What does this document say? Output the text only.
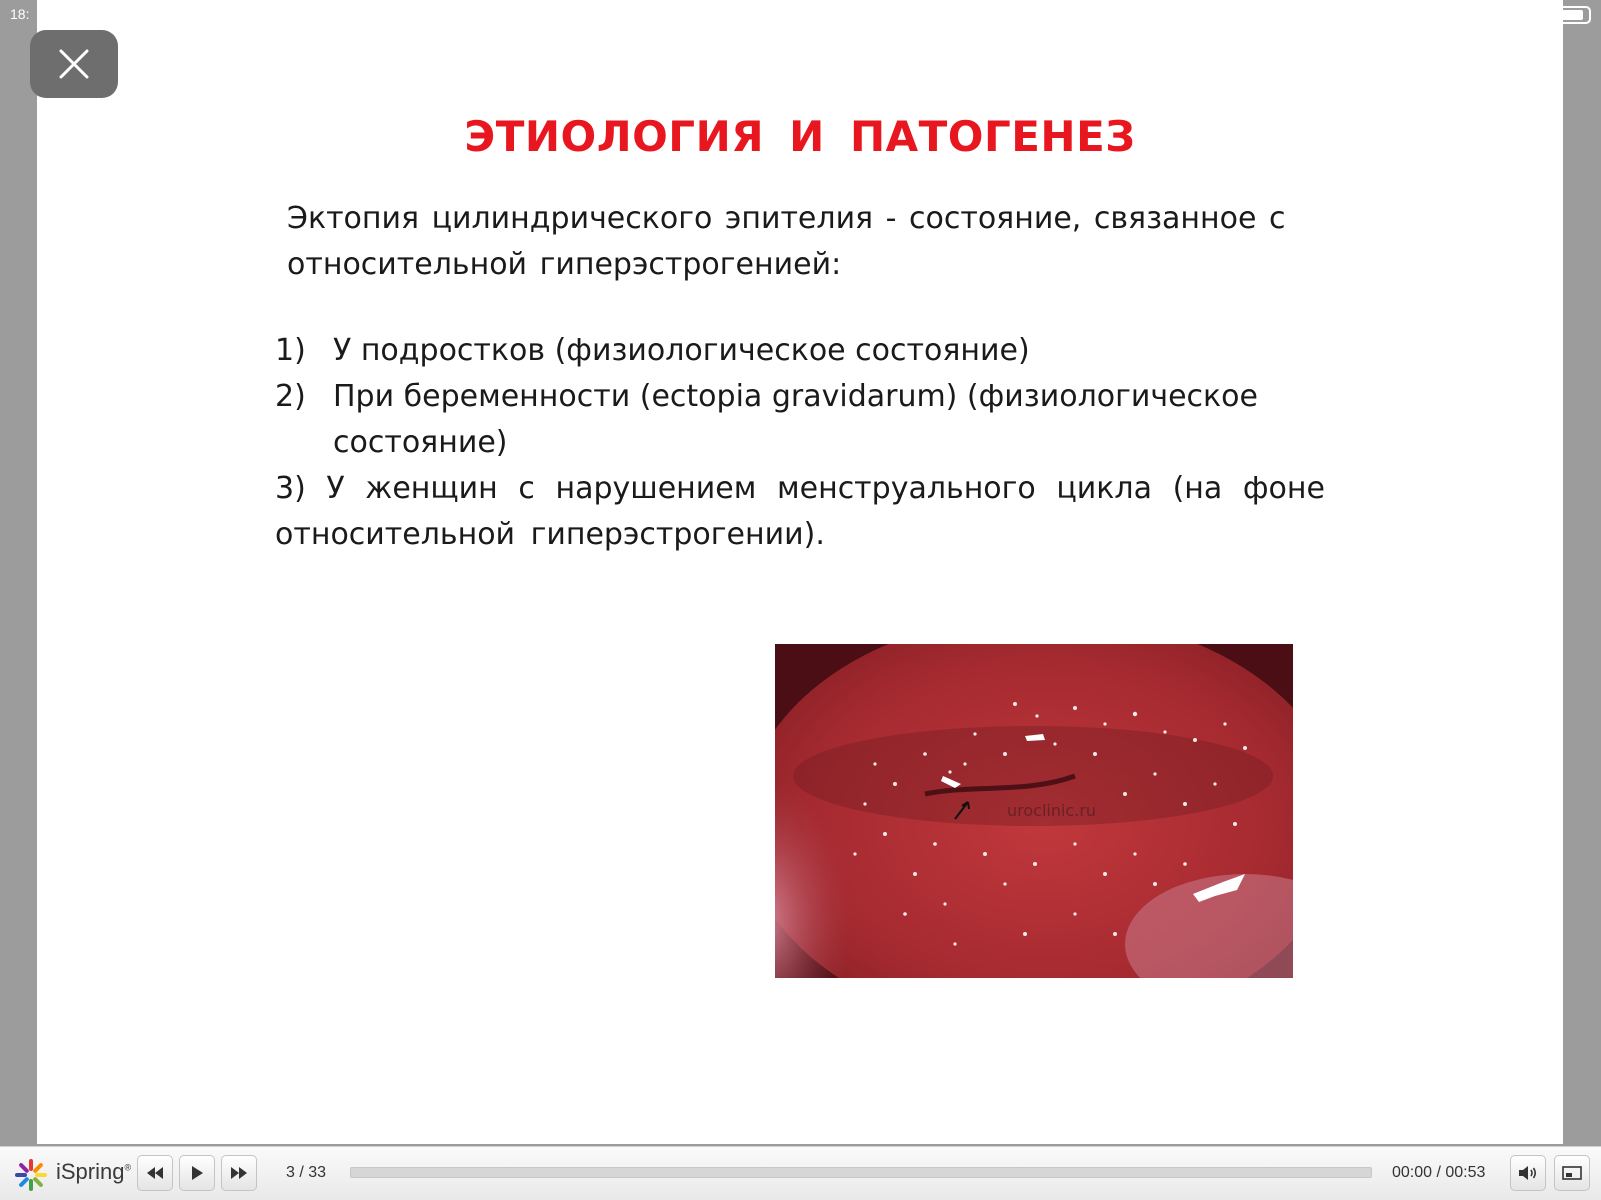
18:
ЭТИОЛОГИЯ И ПАТОГЕНЕЗ
Эктопия цилиндрического эпителия - состояние, связанное с
относительной гиперэстрогенией:
1) У подростков (физиологическое состояние)
2) При беременности (ectopia gravidarum) (физиологическое состояние)
3) У женщин с нарушением менструального цикла (на фоне относительной гиперэстрогении).
uroclinic.ru
iSpring®	3 / 33	00:00 / 00:53
